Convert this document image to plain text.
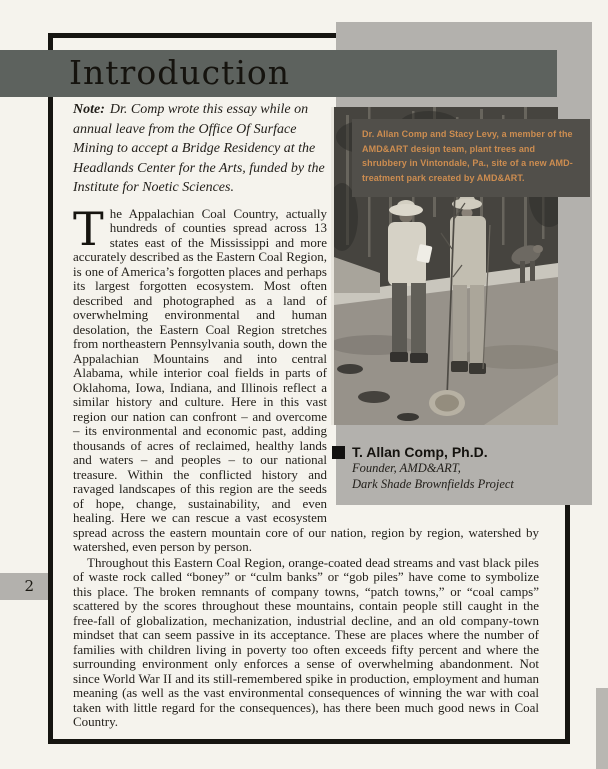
2
Dr. Allan Comp and Stacy Levy, a member of the AMD&ART design team, plant trees and shrubbery in Vintondale, Pa., site of a new AMD-treatment park created by AMD&ART.
T. Allan Comp, Ph.D.
Founder, AMD&ART,
Dark Shade Brownfields Project
Introduction

Note: Dr. Comp wrote this essay while on annual leave from the Office Of Surface Mining to accept a Bridge Residency at the Headlands Center for the Arts, funded by the Institute for Noetic Sciences.

The Appalachian Coal Country, actually hundreds of counties spread across 13 states east of the Mississippi and more accurately described as the Eastern Coal Region, is one of America’s forgotten places and perhaps its largest forgotten ecosystem. Most often described and photographed as a land of overwhelming environmental and human desolation, the Eastern Coal Region stretches from northeastern Pennsylvania south, down the Appalachian Mountains and into central Alabama, while interior coal fields in parts of Oklahoma, Iowa, Indiana, and Illinois reflect a similar history and culture. Here in this vast region our nation can confront – and overcome – its environmental and economic past, adding thousands of acres of reclaimed, healthy lands and waters – and peoples – to our national treasure. Within the conflicted history and ravaged landscapes of this region are the seeds of hope, change, sustainability, and even healing. Here we can rescue a vast ecosystem spread across the eastern mountain core of our nation, region by region, watershed by watershed, even person by person.

Throughout this Eastern Coal Region, orange-coated dead streams and vast black piles of waste rock called “boney” or “culm banks” or “gob piles” have come to symbolize this place. The broken remnants of company towns, “patch towns,” or “coal camps” scattered by the scores throughout these mountains, contain people still caught in the free-fall of globalization, mechanization, industrial decline, and an old company-town mindset that can seem passive in its acceptance. These are places where the number of families with children living in poverty too often exceeds fifty percent and where the surrounding environment only enforces a sense of overwhelming abandonment. Not since World War II and its still-remembered spike in production, employment and human meaning (as well as the vast environmental consequences of winning the war with coal taken with little regard for the consequences), has there been much good news in Coal Country.
